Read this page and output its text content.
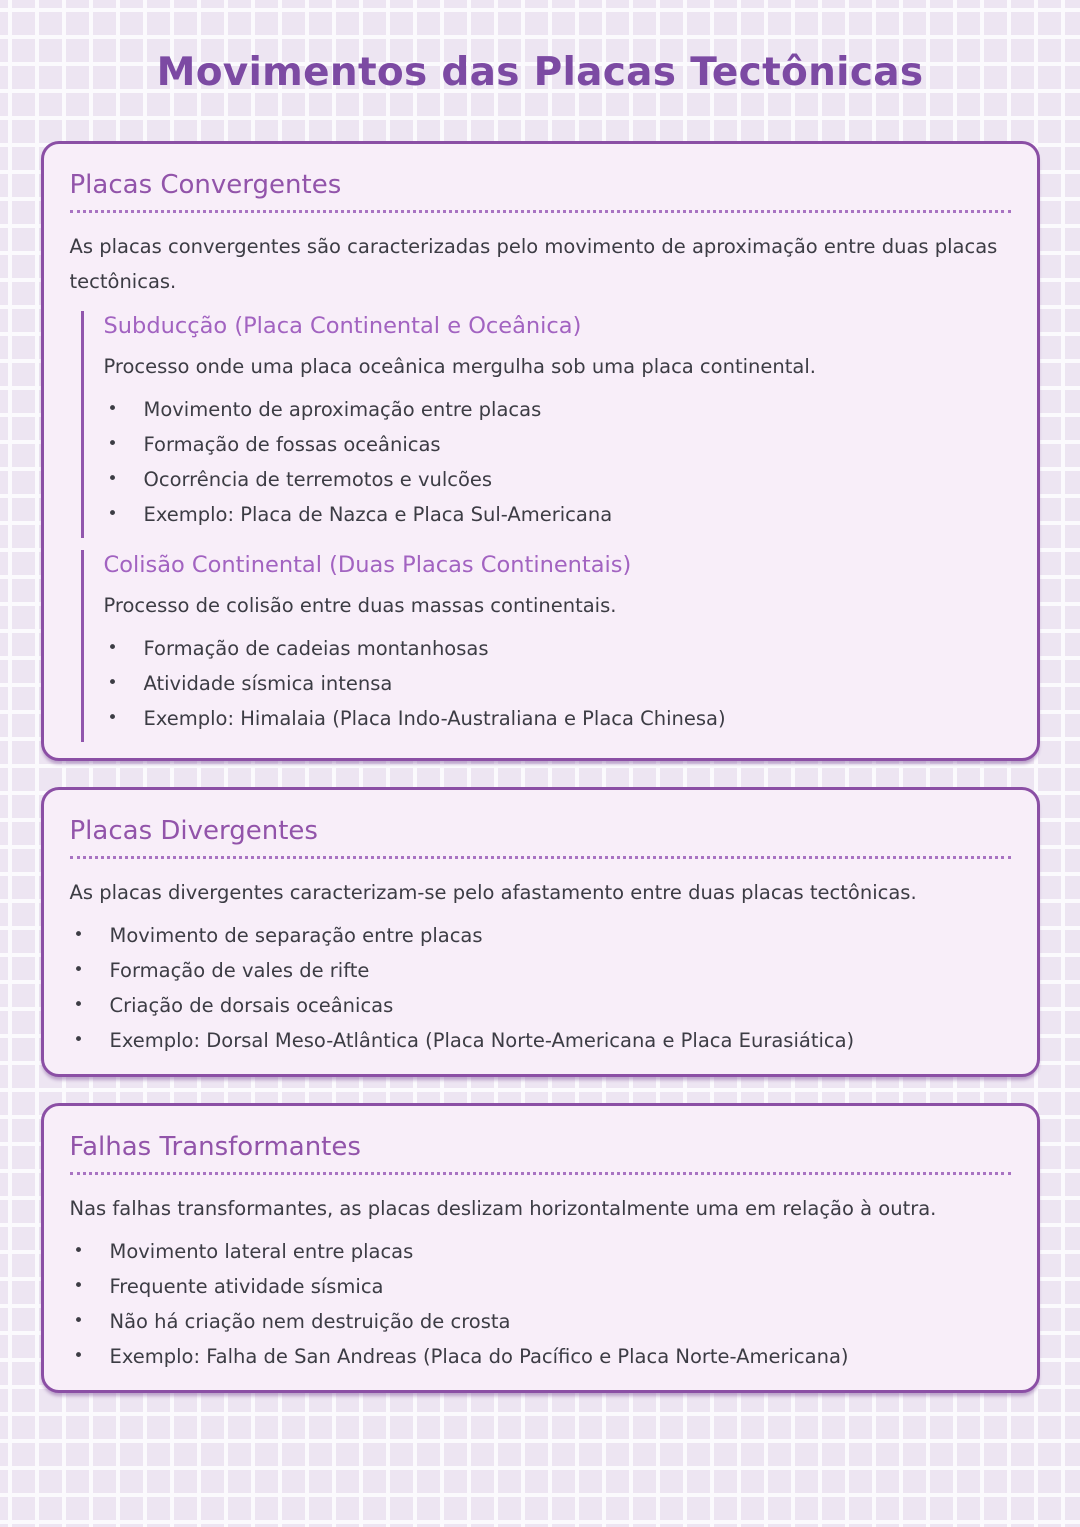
Movimentos das Placas Tectônicas
Placas Convergentes

As placas convergentes são caracterizadas pelo movimento de aproximação entre duas placas tectônicas.

Subducção (Placa Continental e Oceânica)

Processo onde uma placa oceânica mergulha sob uma placa continental.

• Movimento de aproximação entre placas
• Formação de fossas oceânicas
• Ocorrência de terremotos e vulcões
• Exemplo: Placa de Nazca e Placa Sul-Americana
Colisão Continental (Duas Placas Continentais)

Processo de colisão entre duas massas continentais.

• Formação de cadeias montanhosas
• Atividade sísmica intensa
• Exemplo: Himalaia (Placa Indo-Australiana e Placa Chinesa)
Placas Divergentes

As placas divergentes caracterizam-se pelo afastamento entre duas placas tectônicas.

• Movimento de separação entre placas
• Formação de vales de rifte
• Criação de dorsais oceânicas
• Exemplo: Dorsal Meso-Atlântica (Placa Norte-Americana e Placa Eurasiática)
Falhas Transformantes

Nas falhas transformantes, as placas deslizam horizontalmente uma em relação à outra.

• Movimento lateral entre placas
• Frequente atividade sísmica
• Não há criação nem destruição de crosta
• Exemplo: Falha de San Andreas (Placa do Pacífico e Placa Norte-Americana)
